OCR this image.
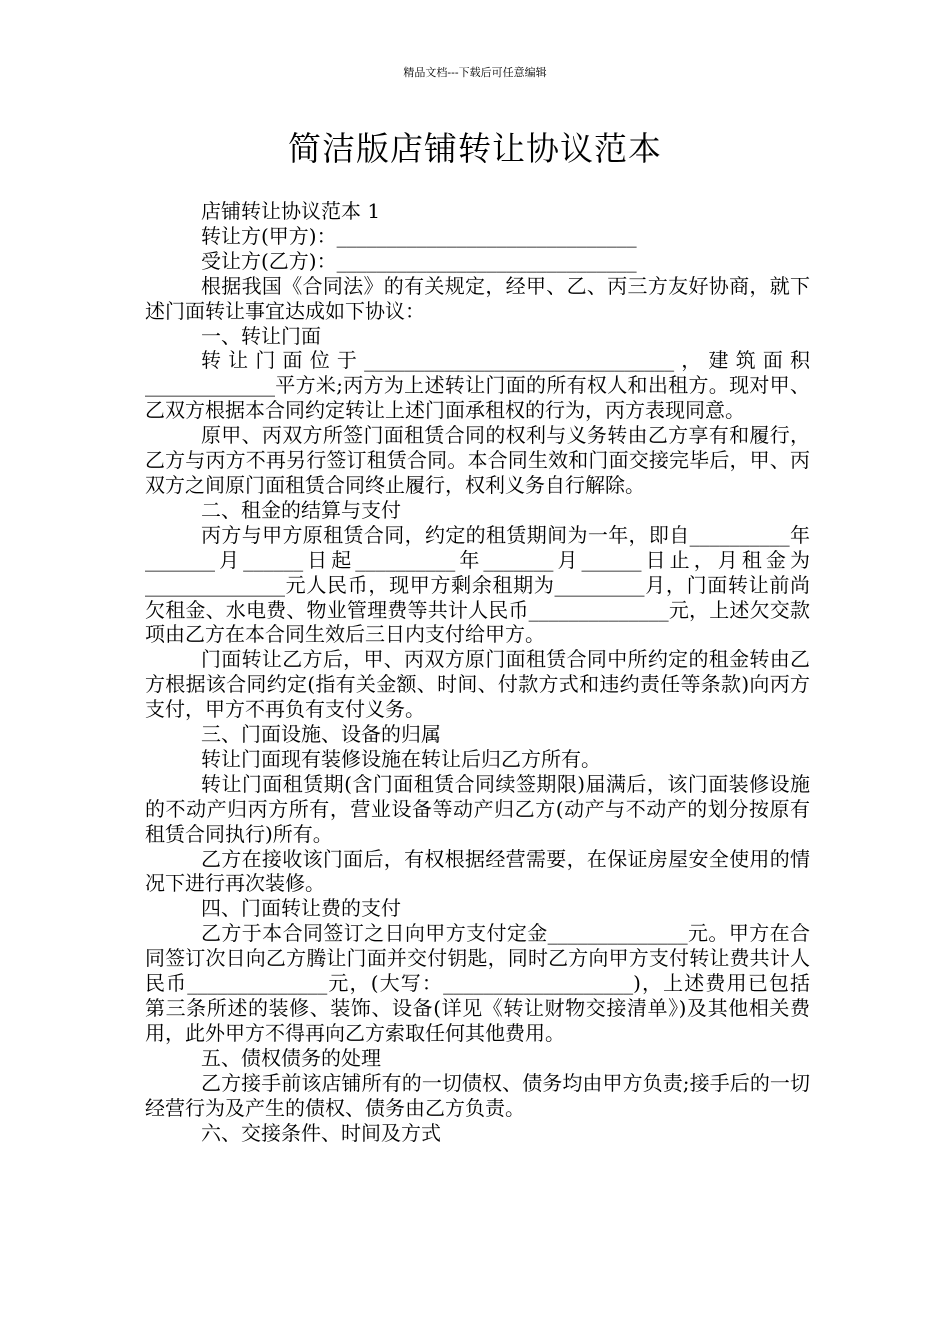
精品文档---下载后可任意编辑
简洁版店铺转让协议范本

店铺转让协议范本 1

转让方(甲方)：______________________________

受让方(乙方)：______________________________

根据我国《合同法》的有关规定，经甲、乙、丙三方友好协商，就下述门面转让事宜达成如下协议：

一、转让门面

转让门面位于_______________________________，建筑面积_____________平方米;丙方为上述转让门面的所有权人和出租方。现对甲、乙双方根据本合同约定转让上述门面承租权的行为，丙方表现同意。

原甲、丙双方所签门面租赁合同的权利与义务转由乙方享有和履行，乙方与丙方不再另行签订租赁合同。本合同生效和门面交接完毕后，甲、丙双方之间原门面租赁合同终止履行，权利义务自行解除。

二、租金的结算与支付

丙方与甲方原租赁合同，约定的租赁期间为一年，即自__________年_______月______日起__________年_______月______日止，月租金为______________元人民币，现甲方剩余租期为_________月，门面转让前尚欠租金、水电费、物业管理费等共计人民币______________元，上述欠交款项由乙方在本合同生效后三日内支付给甲方。

门面转让乙方后，甲、丙双方原门面租赁合同中所约定的租金转由乙方根据该合同约定(指有关金额、时间、付款方式和违约责任等条款)向丙方支付，甲方不再负有支付义务。

三、门面设施、设备的归属

转让门面现有装修设施在转让后归乙方所有。

转让门面租赁期(含门面租赁合同续签期限)届满后，该门面装修设施的不动产归丙方所有，营业设备等动产归乙方(动产与不动产的划分按原有租赁合同执行)所有。

乙方在接收该门面后，有权根据经营需要，在保证房屋安全使用的情况下进行再次装修。

四、门面转让费的支付

乙方于本合同签订之日向甲方支付定金______________元。甲方在合同签订次日向乙方腾让门面并交付钥匙，同时乙方向甲方支付转让费共计人民币______________元，(大写：___________________)，上述费用已包括第三条所述的装修、装饰、设备(详见《转让财物交接清单》)及其他相关费用，此外甲方不得再向乙方索取任何其他费用。

五、债权债务的处理

乙方接手前该店铺所有的一切债权、债务均由甲方负责;接手后的一切经营行为及产生的债权、债务由乙方负责。

六、交接条件、时间及方式
